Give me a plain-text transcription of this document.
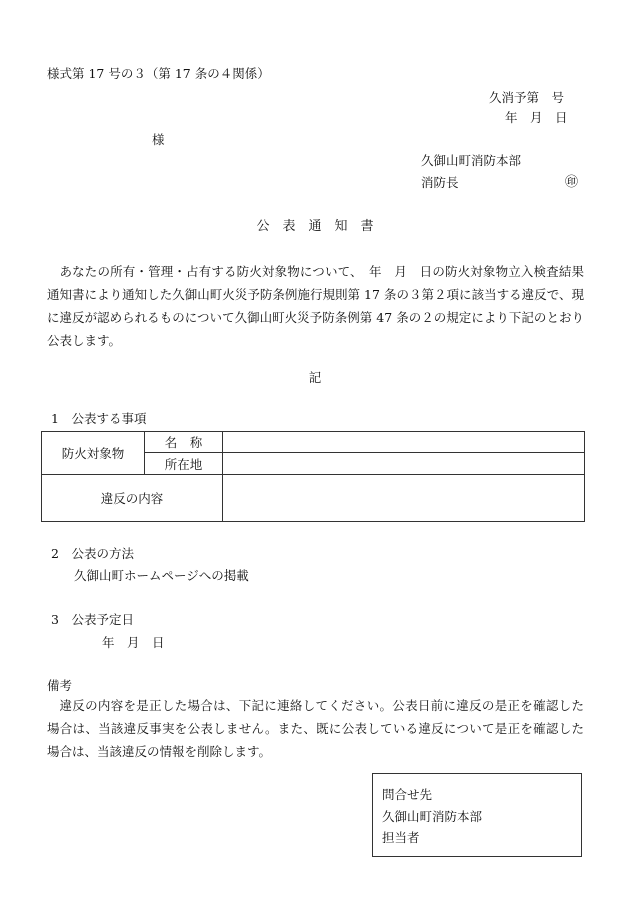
様式第 17 号の３（第 17 条の４関係）
久消予第　号
年　月　日
様
久御山町消防本部
消防長	㊞
公　表　通　知　書
あなたの所有・管理・占有する防火対象物について、　年　月　日の防火対象物立入検査結果通知書により通知した久御山町火災予防条例施行規則第 17 条の３第２項に該当する違反で、現に違反が認められるものについて久御山町火災予防条例第 47 条の２の規定により下記のとおり公表します。
記
1　公表する事項
防火対象物	名　称	
	所在地	
違反の内容		
2　公表の方法
久御山町ホームページへの掲載
3　公表予定日
年　月　日
備考
違反の内容を是正した場合は、下記に連絡してください。公表日前に違反の是正を確認した場合は、当該違反事実を公表しません。また、既に公表している違反について是正を確認した場合は、当該違反の情報を削除します。
問合せ先
久御山町消防本部
担当者
